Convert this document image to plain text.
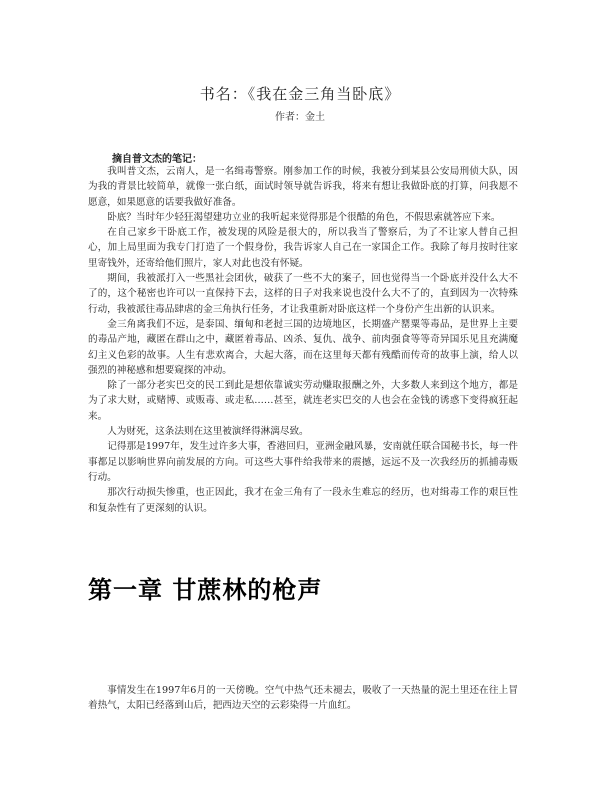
书名：《我在金三角当卧底》
作者：金土
摘自普文杰的笔记：

我叫普文杰，云南人，是一名缉毒警察。刚参加工作的时候，我被分到某县公安局刑侦大队，因为我的背景比较简单，就像一张白纸，面试时领导就告诉我，将来有想让我做卧底的打算，问我愿不愿意，如果愿意的话要我做好准备。

卧底？当时年少轻狂渴望建功立业的我听起来觉得那是个很酷的角色，不假思索就答应下来。

在自己家乡干卧底工作，被发现的风险是很大的，所以我当了警察后，为了不让家人替自己担心，加上局里面为我专门打造了一个假身份，我告诉家人自己在一家国企工作。我除了每月按时往家里寄钱外，还寄给他们照片，家人对此也没有怀疑。

期间，我被派打入一些黑社会团伙，破获了一些不大的案子，回也觉得当一个卧底并没什么大不了的，这个秘密也许可以一直保持下去，这样的日子对我来说也没什么大不了的，直到因为一次特殊行动，我被派往毒品肆虐的金三角执行任务，才让我重新对卧底这样一个身份产生出新的认识来。

金三角离我们不远，是泰国、缅甸和老挝三国的边境地区，长期盛产罂粟等毒品，是世界上主要的毒品产地，藏匿在群山之中，藏匿着毒品、凶杀、复仇、战争、前肉强食等等奇异国乐见且充满魔幻主义色彩的故事。人生有悲欢离合，大起大落，而在这里每天都有残酷而传奇的故事上演，给人以强烈的神秘感和想要窥探的冲动。

除了一部分老实巴交的民工到此是想依靠诚实劳动赚取报酬之外，大多数人来到这个地方，都是为了求大财，或赌博、或贩毒、或走私……甚至，就连老实巴交的人也会在金钱的诱惑下变得疯狂起来。

人为财死，这条法则在这里被演绎得淋漓尽致。

记得那是1997年，发生过许多大事，香港回归，亚洲金融风暴，安南就任联合国秘书长，每一件事都足以影响世界向前发展的方向。可这些大事件给我带来的震撼，远远不及一次我经历的抓捕毒贩行动。

那次行动损失惨重，也正因此，我才在金三角有了一段永生难忘的经历，也对缉毒工作的艰巨性和复杂性有了更深刻的认识。

第一章 甘蔗林的枪声

事情发生在1997年6月的一天傍晚。空气中热气还未褪去，吸收了一天热量的泥土里还在往上冒着热气，太阳已经落到山后，把西边天空的云彩染得一片血红。
